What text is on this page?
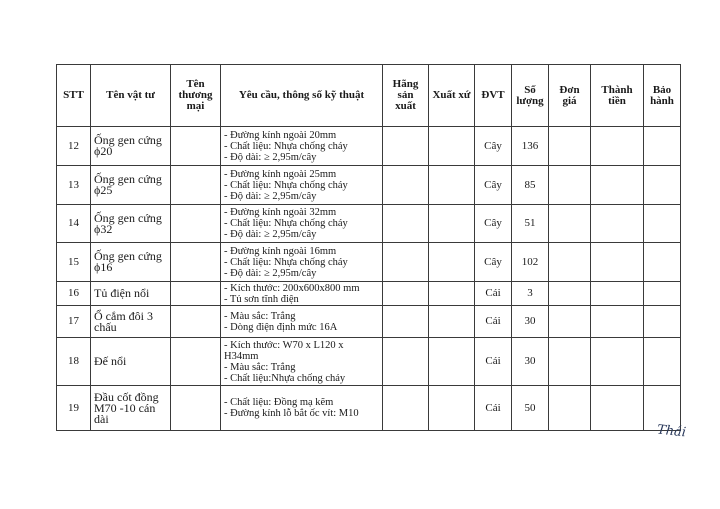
STT	Tên vật tư	Tên thương mại	Yêu cầu, thông số kỹ thuật	Hãng sản xuất	Xuất xứ	ĐVT	Số lượng	Đơn giá	Thành tiền	Bảo hành
12	Ống gen cứng ϕ20		- Đường kính ngoài 20mm
- Chất liệu: Nhựa chống cháy
- Độ dài: ≥ 2,95m/cây			Cây	136			
13	Ống gen cứng ϕ25		- Đường kính ngoài 25mm
- Chất liệu: Nhựa chống cháy
- Độ dài: ≥ 2,95m/cây			Cây	85			
14	Ống gen cứng ϕ32		- Đường kính ngoài 32mm
- Chất liệu: Nhựa chống cháy
- Độ dài: ≥ 2,95m/cây			Cây	51			
15	Ống gen cứng ϕ16		- Đường kính ngoài 16mm
- Chất liệu: Nhựa chống cháy
- Độ dài: ≥ 2,95m/cây			Cây	102			
16	Tủ điện nổi		- Kích thước: 200x600x800 mm
- Tủ sơn tĩnh điện			Cái	3			
17	Ổ cắm đôi 3 chấu		- Màu sắc: Trắng
- Dòng điện định mức 16A			Cái	30			
18	Đế nổi		- Kích thước: W70 x L120 x
H34mm
- Màu sắc: Trắng
- Chất liệu:Nhựa chống cháy			Cái	30			
19	Đầu cốt đồng M70 -10 cán dài		- Chất liệu: Đồng mạ kẽm
- Đường kính lỗ bắt ốc vít: M10			Cái	50			
Thái
